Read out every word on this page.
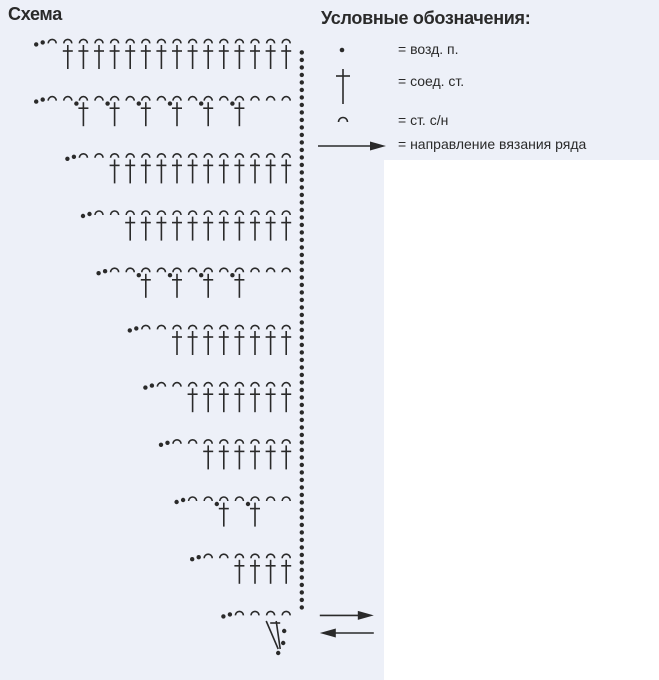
Схема	Условные обозначения:
= возд. п.
= соед. ст.
= ст. с/н
= направление вязания ряда
